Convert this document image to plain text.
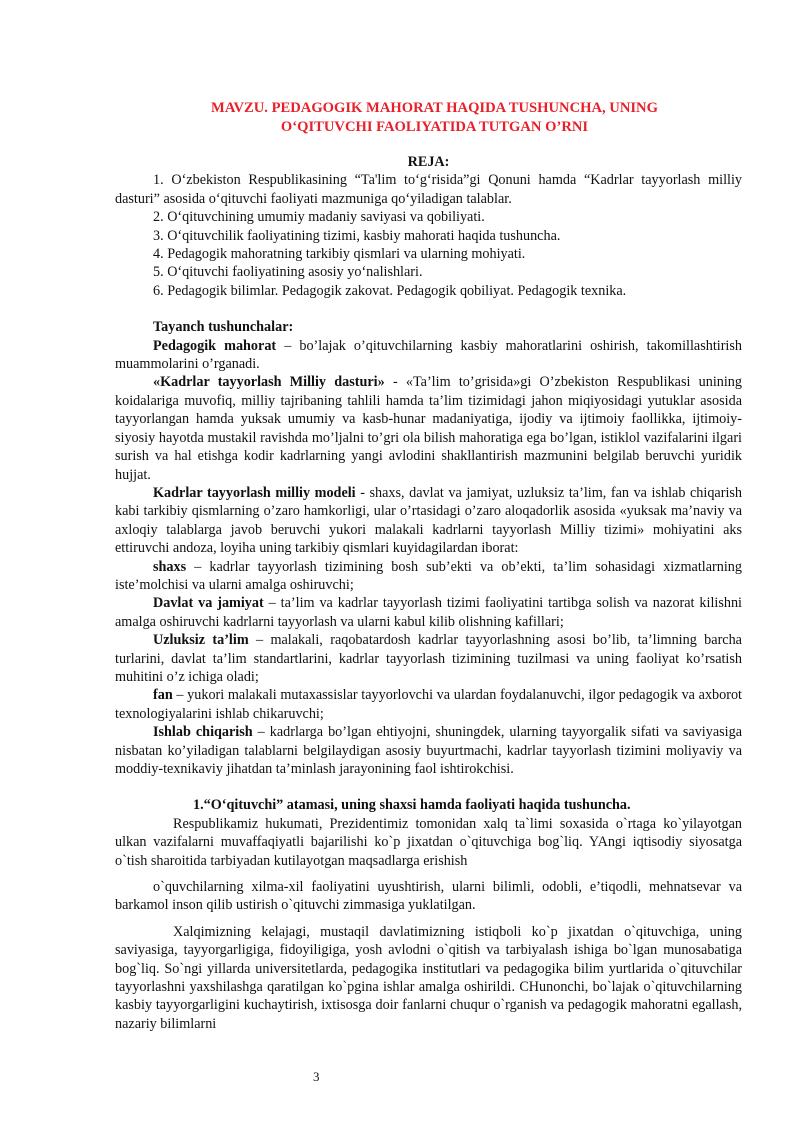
MAVZU. PEDAGOGIK MAHORAT HAQIDA TUSHUNCHA, UNING
O‘QITUVCHI FAOLIYATIDA TUTGAN O’RNI
REJA:

1. O‘zbekiston Respublikasining “Ta'lim to‘g‘risida”gi Qonuni hamda “Kadrlar tayyorlash milliy dasturi” asosida o‘qituvchi faoliyati mazmuniga qo‘yiladigan talablar.

2. O‘qituvchining umumiy madaniy saviyasi va qobiliyati.

3. O‘qituvchilik faoliyatining tizimi, kasbiy mahorati haqida tushuncha.

4. Pedagogik mahoratning tarkibiy qismlari va ularning mohiyati.

5. O‘qituvchi faoliyatining asosiy yo‘nalishlari.

6. Pedagogik bilimlar. Pedagogik zakovat. Pedagogik qobiliyat. Pedagogik texnika.

Tayanch tushunchalar:

Pedagogik mahorat – bo’lajak o’qituvchilarning kasbiy mahoratlarini oshirish, takomillashtirish muammolarini o’rganadi.

«Kadrlar tayyorlash Milliy dasturi» - «Ta’lim to’grisida»gi O’zbekiston Respublikasi unining koidalariga muvofiq, milliy tajribaning tahlili hamda ta’lim tizimidagi jahon miqiyosidagi yutuklar asosida tayyorlangan hamda yuksak umumiy va kasb-hunar madaniyatiga, ijodiy va ijtimoiy faollikka, ijtimoiy-siyosiy hayotda mustakil ravishda mo’ljalni to’gri ola bilish mahoratiga ega bo’lgan, istiklol vazifalarini ilgari surish va hal etishga kodir kadrlarning yangi avlodini shakllantirish mazmunini belgilab beruvchi yuridik hujjat.

Kadrlar tayyorlash milliy modeli - shaxs, davlat va jamiyat, uzluksiz ta’lim, fan va ishlab chiqarish kabi tarkibiy qismlarning o’zaro hamkorligi, ular o’rtasidagi o’zaro aloqadorlik asosida «yuksak ma’naviy va axloqiy talablarga javob beruvchi yukori malakali kadrlarni tayyorlash Milliy tizimi» mohiyatini aks ettiruvchi andoza, loyiha uning tarkibiy qismlari kuyidagilardan iborat:

shaxs – kadrlar tayyorlash tizimining bosh sub’ekti va ob’ekti, ta’lim sohasidagi xizmatlarning iste’molchisi va ularni amalga oshiruvchi;

Davlat va jamiyat – ta’lim va kadrlar tayyorlash tizimi faoliyatini tartibga solish va nazorat kilishni amalga oshiruvchi kadrlarni tayyorlash va ularni kabul kilib olishning kafillari;

Uzluksiz ta’lim – malakali, raqobatardosh kadrlar tayyorlashning asosi bo’lib, ta’limning barcha turlarini, davlat ta’lim standartlarini, kadrlar tayyorlash tizimining tuzilmasi va uning faoliyat ko’rsatish muhitini o’z ichiga oladi;

fan – yukori malakali mutaxassislar tayyorlovchi va ulardan foydalanuvchi, ilgor pedagogik va axborot texnologiyalarini ishlab chikaruvchi;

Ishlab chiqarish – kadrlarga bo’lgan ehtiyojni, shuningdek, ularning tayyorgalik sifati va saviyasiga nisbatan ko’yiladigan talablarni belgilaydigan asosiy buyurtmachi, kadrlar tayyorlash tizimini moliyaviy va moddiy-texnikaviy jihatdan ta’minlash jarayonining faol ishtirokchisi.

1.“O‘qituvchi” atamasi, uning shaxsi hamda faoliyati haqida tushuncha.

Respublikamiz hukumati, Prezidentimiz tomonidan xalq ta`limi soxasida o`rtaga ko`yilayotgan ulkan vazifalarni muvaffaqiyatli bajarilishi ko`p jixatdan o`qituvchiga bog`liq. YAngi iqtisodiy siyosatga o`tish sharoitida tarbiyadan kutilayotgan maqsadlarga erishish

o`quvchilarning xilma-xil faoliyatini uyushtirish, ularni bilimli, odobli, e’tiqodli, mehnatsevar va barkamol inson qilib ustirish o`qituvchi zimmasiga yuklatilgan.

Xalqimizning kelajagi, mustaqil davlatimizning istiqboli ko`p jixatdan o`qituvchiga, uning saviyasiga, tayyorgarligiga, fidoyiligiga, yosh avlodni o`qitish va tarbiyalash ishiga bo`lgan munosabatiga bog`liq. So`ngi yillarda universitetlarda, pedagogika institutlari va pedagogika bilim yurtlarida o`qituvchilar tayyorlashni yaxshilashga qaratilgan ko`pgina ishlar amalga oshirildi. CHunonchi, bo`lajak o`qituvchilarning kasbiy tayyorgarligini kuchaytirish, ixtisosga doir fanlarni chuqur o`rganish va pedagogik mahoratni egallash, nazariy bilimlarni

3
